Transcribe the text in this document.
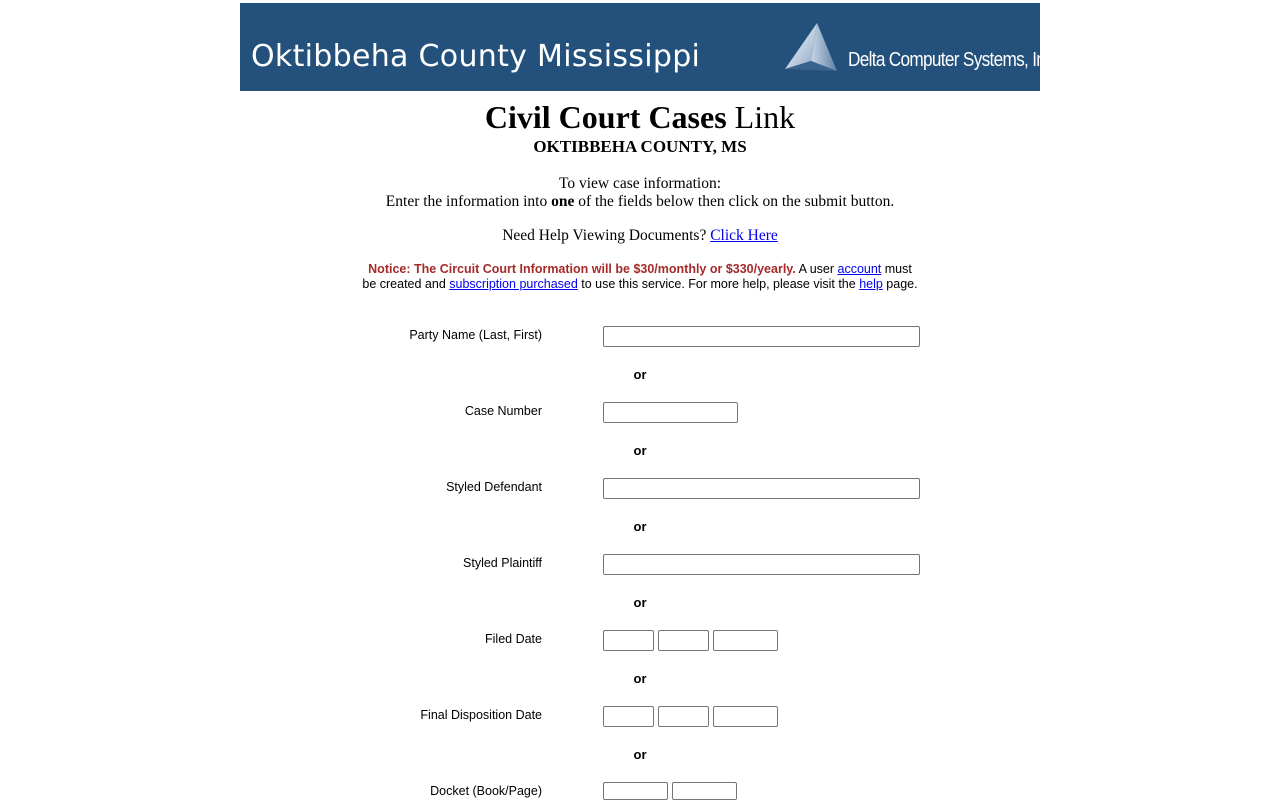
Oktibbeha County Mississippi	Delta Computer Systems, Inc.
Civil Court Cases Link
OKTIBBEHA COUNTY, MS
To view case information:
Enter the information into one of the fields below then click on the submit button.
Need Help Viewing Documents? Click Here
Notice: The Circuit Court Information will be $30/monthly or $330/yearly. A user account must be created and subscription purchased to use this service. For more help, please visit the help page.
Party Name (Last, First)
or
Case Number
or
Styled Defendant
or
Styled Plaintiff
or
Filed Date
or
Final Disposition Date
or
Docket (Book/Page)
